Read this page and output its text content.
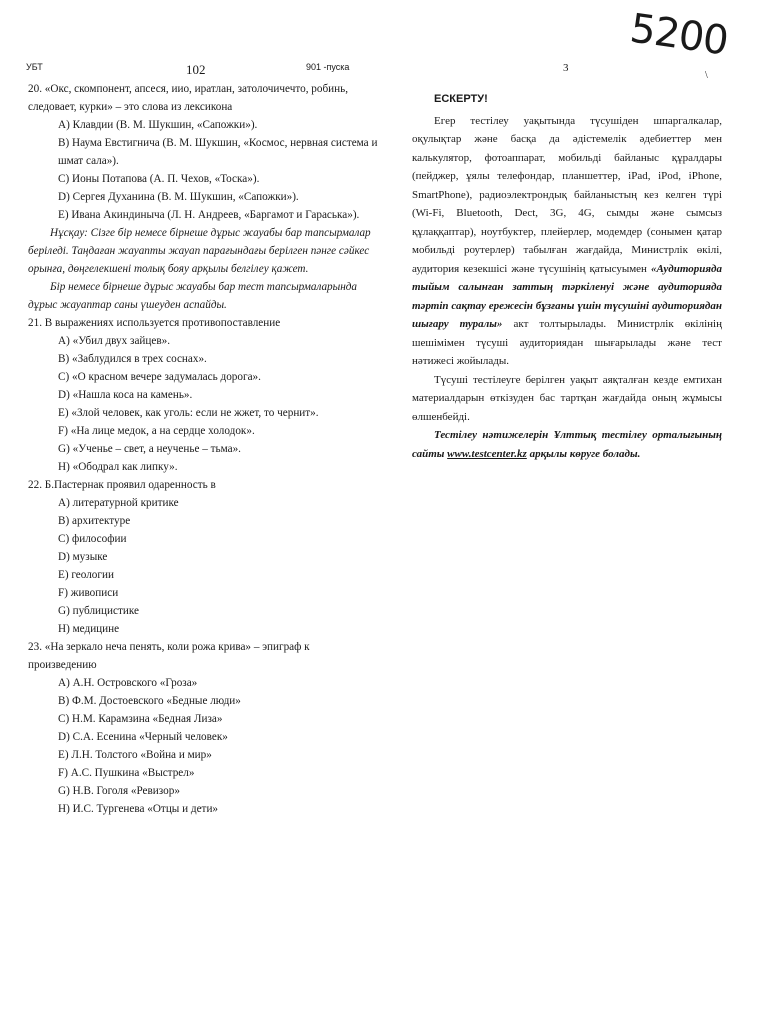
УБТ	102	901 -пуска	3
5200
\

20. «Окс, скомпонент, апсеся, иио, иратлан, затолочичечто, робинь, следовает, курки» – это слова из лексикона

A) Клавдии (В. М. Шукшин, «Сапожки»).

B) Наума Евстигнича (В. М. Шукшин, «Космос, нервная система и шмат сала»).

C) Ионы Потапова (А. П. Чехов, «Тоска»).

D) Сергея Духанина (В. М. Шукшин, «Сапожки»).

E) Ивана Акиндиныча (Л. Н. Андреев, «Баргамот и Гараська»).

Нұсқау: Сізге бір немесе бірнеше дұрыс жауабы бар тапсырмалар беріледі. Таңдаған жауапты жауап парағындағы берілген пәнге сәйкес орынға, дөңгелекшені толық бояу арқылы белгілеу қажет.

Бір немесе бірнеше дұрыс жауабы бар тест тапсырмаларында дұрыс жауаптар саны үшеуден аспайды.

21. В выражениях используется противопоставление

A) «Убил двух зайцев».

B) «Заблудился в трех соснах».

C) «О красном вечере задумалась дорога».

D) «Нашла коса на камень».

E) «Злой человек, как уголь: если не жжет, то чернит».

F) «На лице медок, а на сердце холодок».

G) «Ученье – свет, а неученье – тьма».

H) «Ободрал как липку».

22. Б.Пастернак проявил одаренность в

A) литературной критике

B) архитектуре

C) философии

D) музыке

E) геологии

F) живописи

G) публицистике

H) медицине

23. «На зеркало неча пенять, коли рожа крива» – эпиграф к произведению

A) А.Н. Островского «Гроза»

B) Ф.М. Достоевского «Бедные люди»

C) Н.М. Карамзина «Бедная Лиза»

D) С.А. Есенина «Черный человек»

E) Л.Н. Толстого «Война и мир»

F) А.С. Пушкина «Выстрел»

G) Н.В. Гоголя «Ревизор»

H) И.С. Тургенева «Отцы и дети»

ЕСКЕРТУ!

Егер тестілеу уақытында түсушіден шпаргалкалар, оқулықтар және басқа да әдістемелік әдебиеттер мен калькулятор, фотоаппарат, мобильді байланыс құралдары (пейджер, ұялы телефондар, планшеттер, iPad, iPod, iPhone, SmartPhone), радиоэлектрондық байланыстың кез келген түрі (Wi-Fi, Bluetooth, Dect, 3G, 4G, сымды және сымсыз құлаққаптар), ноутбуктер, плейерлер, модемдер (сонымен қатар мобильді роутерлер) табылған жағдайда, Министрлік өкілі, аудитория кезекшісі және түсушінің қатысуымен «Аудиторияда тыйым салынған заттың тәркіленуі және аудиторияда тәртіп сақтау ережесін бұзғаны үшін түсушіні аудиториядан шығару туралы» акт толтырылады. Министрлік өкілінің шешімімен түсуші аудиториядан шығарылады және тест нәтижесі жойылады.

Түсуші тестілеуге берілген уақыт аяқталған кезде емтихан материалдарын өткізуден бас тартқан жағдайда оның жұмысы өлшенбейді.

Тестілеу нәтижелерін Ұлттық тестілеу орталығының сайты www.testcenter.kz арқылы көруге болады.
